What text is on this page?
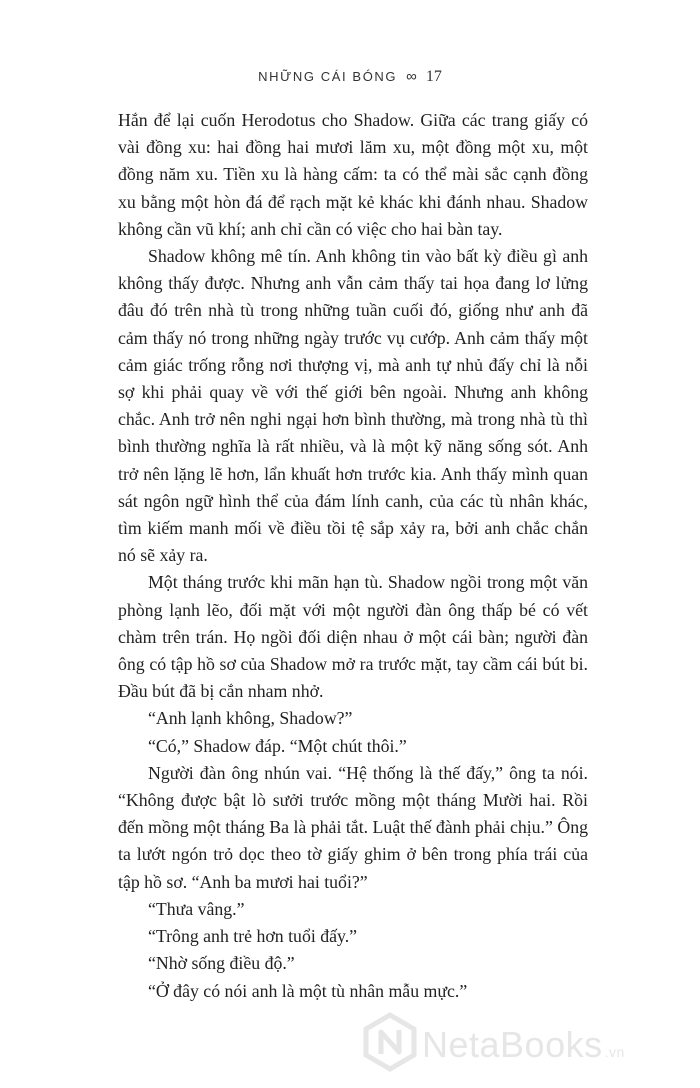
NHỮNG CÁI BÓNG ∞ 17

Hắn để lại cuốn Herodotus cho Shadow. Giữa các trang giấy có vài đồng xu: hai đồng hai mươi lăm xu, một đồng một xu, một đồng năm xu. Tiền xu là hàng cấm: ta có thể mài sắc cạnh đồng xu bằng một hòn đá để rạch mặt kẻ khác khi đánh nhau. Shadow không cần vũ khí; anh chỉ cần có việc cho hai bàn tay.

Shadow không mê tín. Anh không tin vào bất kỳ điều gì anh không thấy được. Nhưng anh vẫn cảm thấy tai họa đang lơ lửng đâu đó trên nhà tù trong những tuần cuối đó, giống như anh đã cảm thấy nó trong những ngày trước vụ cướp. Anh cảm thấy một cảm giác trống rỗng nơi thượng vị, mà anh tự nhủ đấy chỉ là nỗi sợ khi phải quay về với thế giới bên ngoài. Nhưng anh không chắc. Anh trở nên nghi ngại hơn bình thường, mà trong nhà tù thì bình thường nghĩa là rất nhiều, và là một kỹ năng sống sót. Anh trở nên lặng lẽ hơn, lẩn khuất hơn trước kia. Anh thấy mình quan sát ngôn ngữ hình thể của đám lính canh, của các tù nhân khác, tìm kiếm manh mối về điều tồi tệ sắp xảy ra, bởi anh chắc chắn nó sẽ xảy ra.

Một tháng trước khi mãn hạn tù. Shadow ngồi trong một văn phòng lạnh lẽo, đối mặt với một người đàn ông thấp bé có vết chàm trên trán. Họ ngồi đối diện nhau ở một cái bàn; người đàn ông có tập hồ sơ của Shadow mở ra trước mặt, tay cầm cái bút bi. Đầu bút đã bị cắn nham nhở.

“Anh lạnh không, Shadow?”

“Có,” Shadow đáp. “Một chút thôi.”

Người đàn ông nhún vai. “Hệ thống là thế đấy,” ông ta nói. “Không được bật lò sưởi trước mồng một tháng Mười hai. Rồi đến mồng một tháng Ba là phải tắt. Luật thế đành phải chịu.” Ông ta lướt ngón trỏ dọc theo tờ giấy ghim ở bên trong phía trái của tập hồ sơ. “Anh ba mươi hai tuổi?”

“Thưa vâng.”

“Trông anh trẻ hơn tuổi đấy.”

“Nhờ sống điều độ.”

“Ở đây có nói anh là một tù nhân mẫu mực.”

NetaBooks .vn
